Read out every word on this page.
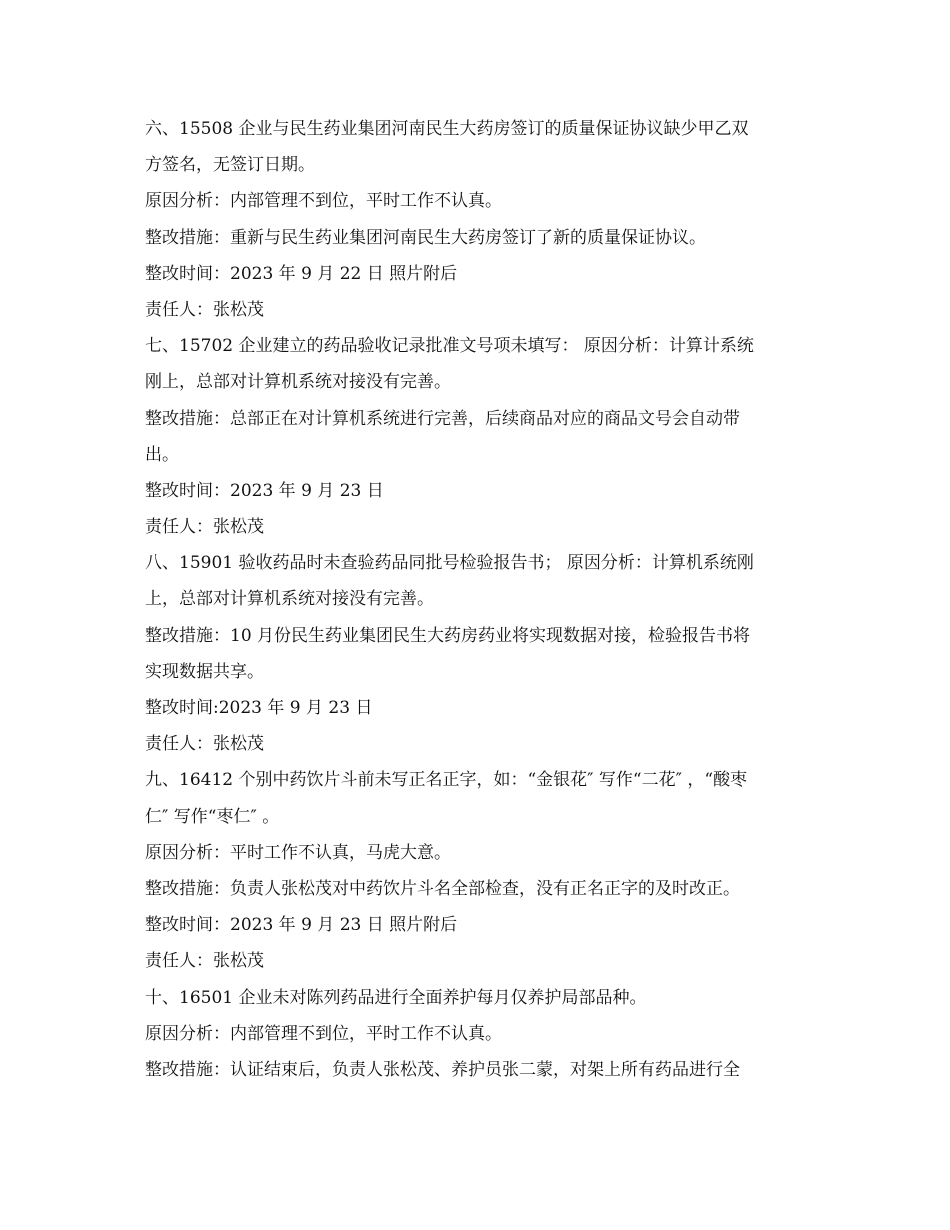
六、15508 企业与民生药业集团河南民生大药房签订的质量保证协议缺少甲乙双
方签名，无签订日期。
原因分析：内部管理不到位，平时工作不认真。
整改措施：重新与民生药业集团河南民生大药房签订了新的质量保证协议。
整改时间：2023 年 9 月 22 日 照片附后
责任人：张松茂
七、15702 企业建立的药品验收记录批准文号项未填写： 原因分析：计算计系统
刚上，总部对计算机系统对接没有完善。
整改措施：总部正在对计算机系统进行完善，后续商品对应的商品文号会自动带
出。
整改时间：2023 年 9 月 23 日
责任人：张松茂
八、15901 验收药品时未查验药品同批号检验报告书； 原因分析：计算机系统刚
上，总部对计算机系统对接没有完善。
整改措施：10 月份民生药业集团民生大药房药业将实现数据对接，检验报告书将
实现数据共享。
整改时间:2023 年 9 月 23 日
责任人：张松茂
九、16412 个别中药饮片斗前未写正名正字，如：“金银花″ 写作“二花″ ，“酸枣
仁″ 写作“枣仁″ 。
原因分析：平时工作不认真，马虎大意。
整改措施：负责人张松茂对中药饮片斗名全部检查，没有正名正字的及时改正。
整改时间：2023 年 9 月 23 日 照片附后
责任人：张松茂
十、16501 企业未对陈列药品进行全面养护每月仅养护局部品种。
原因分析：内部管理不到位，平时工作不认真。
整改措施：认证结束后，负责人张松茂、养护员张二蒙，对架上所有药品进行全
